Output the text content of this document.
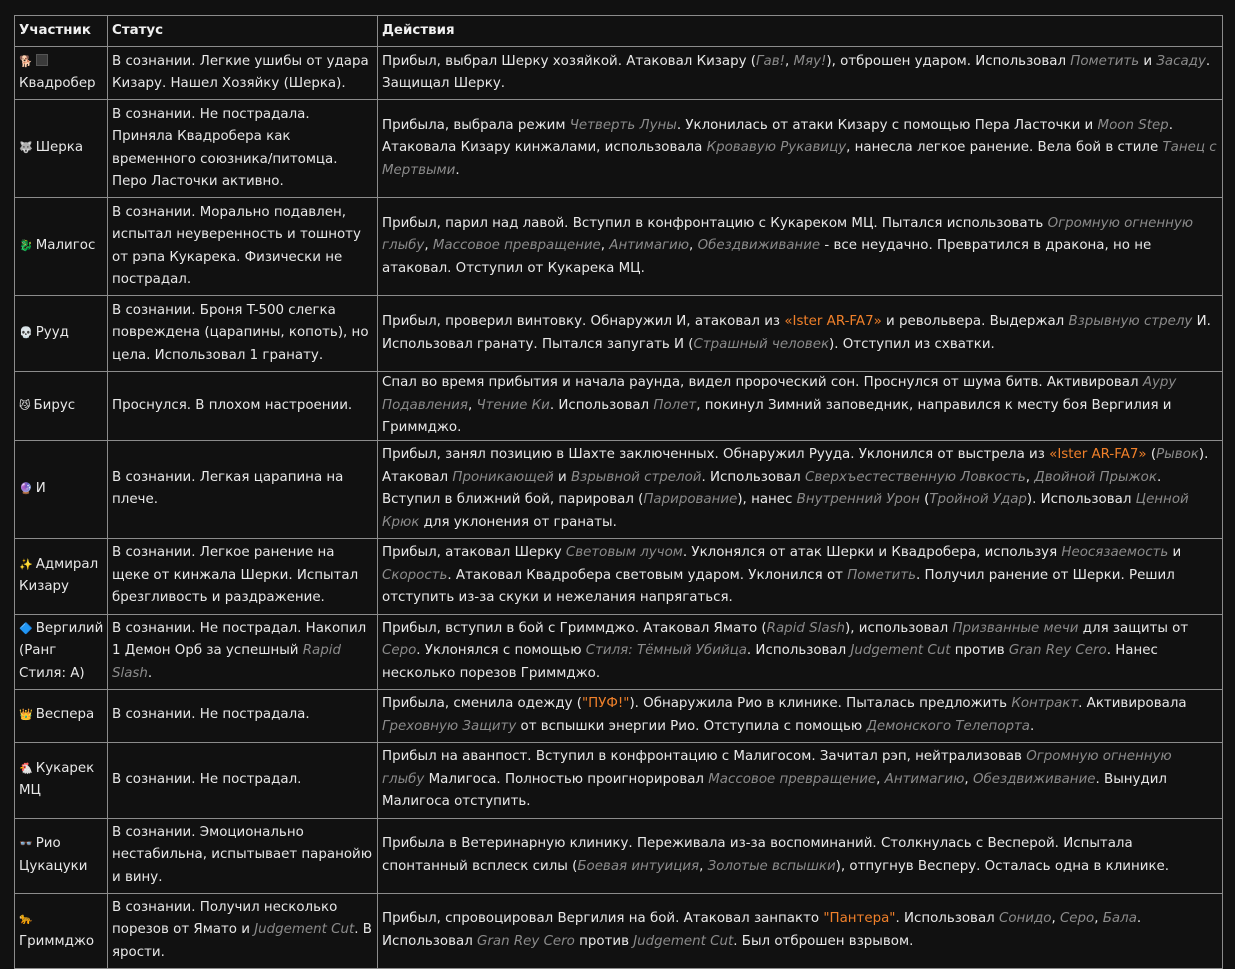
Участник	Статус	Действия
🐕Квадробер	В сознании. Легкие ушибы от удара Кизару. Нашел Хозяйку (Шерка).	Прибыл, выбрал Шерку хозяйкой. Атаковал Кизару (Гав!, Мяу!), отброшен ударом. Использовал Пометить и Засаду. Защищал Шерку.
🐺 Шерка	В сознании. Не пострадала. Приняла Квадробера как временного союзника/питомца. Перо Ласточки активно.	Прибыла, выбрала режим Четверть Луны. Уклонилась от атаки Кизару с помощью Пера Ласточки и Moon Step. Атаковала Кизару кинжалами, использовала Кровавую Рукавицу, нанесла легкое ранение. Вела бой в стиле Танец с Мертвыми.
🐉 Малигос	В сознании. Морально подавлен, испытал неуверенность и тошноту от рэпа Кукарека. Физически не пострадал.	Прибыл, парил над лавой. Вступил в конфронтацию с Кукареком МЦ. Пытался использовать Огромную огненную глыбу, Массовое превращение, Антимагию, Обездвиживание - все неудачно. Превратился в дракона, но не атаковал. Отступил от Кукарека МЦ.
💀 Рууд	В сознании. Броня T-500 слегка повреждена (царапины, копоть), но цела. Использовал 1 гранату.	Прибыл, проверил винтовку. Обнаружил И, атаковал из «Ister AR-FA7» и револьвера. Выдержал Взрывную стрелу И. Использовал гранату. Пытался запугать И (Страшный человек). Отступил из схватки.
😼 Бирус	Проснулся. В плохом настроении.	Спал во время прибытия и начала раунда, видел пророческий сон. Проснулся от шума битв. Активировал Ауру Подавления, Чтение Ки. Использовал Полет, покинул Зимний заповедник, направился к месту боя Вергилия и Гриммджо.
🔮 И	В сознании. Легкая царапина на плече.	Прибыл, занял позицию в Шахте заключенных. Обнаружил Рууда. Уклонился от выстрела из «Ister AR-FA7» (Рывок). Атаковал Проникающей и Взрывной стрелой. Использовал Сверхъестественную Ловкость, Двойной Прыжок. Вступил в ближний бой, парировал (Парирование), нанес Внутренний Урон (Тройной Удар). Использовал Ценной Крюк для уклонения от гранаты.
✨ Адмирал Кизару	В сознании. Легкое ранение на щеке от кинжала Шерки. Испытал брезгливость и раздражение.	Прибыл, атаковал Шерку Световым лучом. Уклонялся от атак Шерки и Квадробера, используя Неосязаемость и Скорость. Атаковал Квадробера световым ударом. Уклонился от Пометить. Получил ранение от Шерки. Решил отступить из-за скуки и нежелания напрягаться.
🔷 Вергилий (Ранг Стиля: А)	В сознании. Не пострадал. Накопил 1 Демон Орб за успешный Rapid Slash.	Прибыл, вступил в бой с Гриммджо. Атаковал Ямато (Rapid Slash), использовал Призванные мечи для защиты от Серо. Уклонялся с помощью Стиля: Тёмный Убийца. Использовал Judgement Cut против Gran Rey Cero. Нанес несколько порезов Гриммджо.
👑 Веспера	В сознании. Не пострадала.	Прибыла, сменила одежду ("ПУФ!"). Обнаружила Рио в клинике. Пыталась предложить Контракт. Активировала Греховную Защиту от вспышки энергии Рио. Отступила с помощью Демонского Телепорта.
🐔 Кукарек МЦ	В сознании. Не пострадал.	Прибыл на аванпост. Вступил в конфронтацию с Малигосом. Зачитал рэп, нейтрализовав Огромную огненную глыбу Малигоса. Полностью проигнорировал Массовое превращение, Антимагию, Обездвиживание. Вынудил Малигоса отступить.
👓 Рио Цукацуки	В сознании. Эмоционально нестабильна, испытывает паранойю и вину.	Прибыла в Ветеринарную клинику. Переживала из-за воспоминаний. Столкнулась с Весперой. Испытала спонтанный всплеск силы (Боевая интуиция, Золотые вспышки), отпугнув Весперу. Осталась одна в клинике.
🐆Гриммджо	В сознании. Получил несколько порезов от Ямато и Judgement Cut. В ярости.	Прибыл, спровоцировал Вергилия на бой. Атаковал занпакто "Пантера". Использовал Сонидо, Серо, Бала. Использовал Gran Rey Cero против Judgement Cut. Был отброшен взрывом.
